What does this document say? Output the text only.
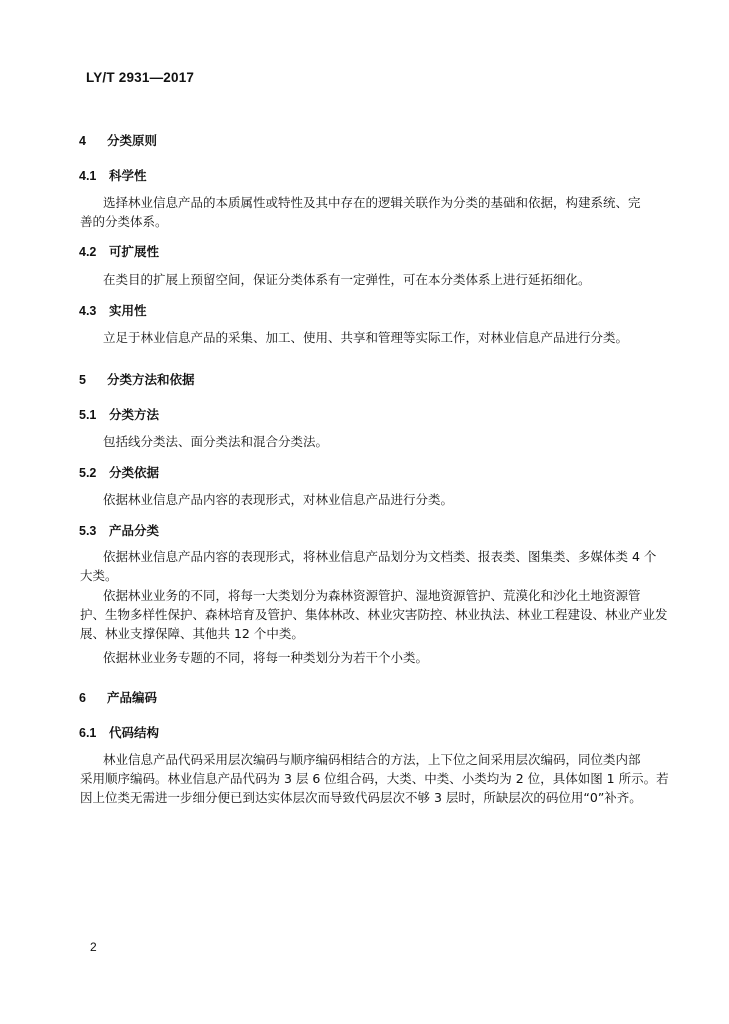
LY/T 2931—2017
4 分类原则
4.1 科学性
选择林业信息产品的本质属性或特性及其中存在的逻辑关联作为分类的基础和依据，构建系统、完
善的分类体系。
4.2 可扩展性
在类目的扩展上预留空间，保证分类体系有一定弹性，可在本分类体系上进行延拓细化。
4.3 实用性
立足于林业信息产品的采集、加工、使用、共享和管理等实际工作，对林业信息产品进行分类。
5 分类方法和依据
5.1 分类方法
包括线分类法、面分类法和混合分类法。
5.2 分类依据
依据林业信息产品内容的表现形式，对林业信息产品进行分类。
5.3 产品分类
依据林业信息产品内容的表现形式，将林业信息产品划分为文档类、报表类、图集类、多媒体类 4 个
大类。
依据林业业务的不同，将每一大类划分为森林资源管护、湿地资源管护、荒漠化和沙化土地资源管
护、生物多样性保护、森林培育及管护、集体林改、林业灾害防控、林业执法、林业工程建设、林业产业发
展、林业支撑保障、其他共 12 个中类。
依据林业业务专题的不同，将每一种类划分为若干个小类。
6 产品编码
6.1 代码结构
林业信息产品代码采用层次编码与顺序编码相结合的方法，上下位之间采用层次编码，同位类内部
采用顺序编码。林业信息产品代码为 3 层 6 位组合码，大类、中类、小类均为 2 位，具体如图 1 所示。若
因上位类无需进一步细分便已到达实体层次而导致代码层次不够 3 层时，所缺层次的码位用“0”补齐。
2
